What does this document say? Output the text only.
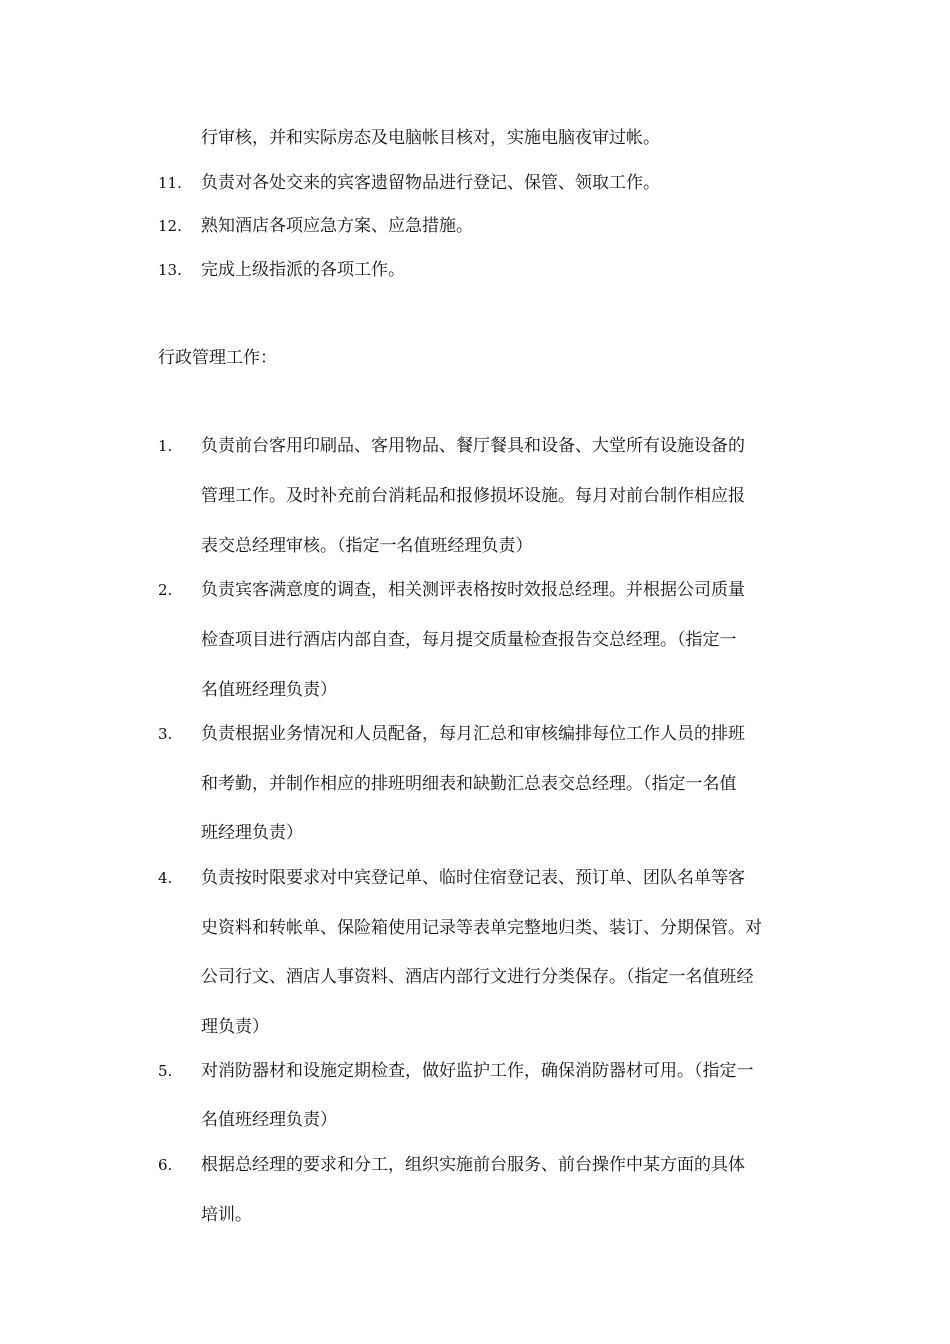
行审核，并和实际房态及电脑帐目核对，实施电脑夜审过帐。
11. 负责对各处交来的宾客遗留物品进行登记、保管、领取工作。
12. 熟知酒店各项应急方案、应急措施。
13. 完成上级指派的各项工作。
行政管理工作：
1. 负责前台客用印刷品、客用物品、餐厅餐具和设备、大堂所有设施设备的
管理工作。及时补充前台消耗品和报修损坏设施。每月对前台制作相应报
表交总经理审核。（指定一名值班经理负责）
2. 负责宾客满意度的调查，相关测评表格按时效报总经理。并根据公司质量
检查项目进行酒店内部自查，每月提交质量检查报告交总经理。（指定一
名值班经理负责）
3. 负责根据业务情况和人员配备，每月汇总和审核编排每位工作人员的排班
和考勤，并制作相应的排班明细表和缺勤汇总表交总经理。（指定一名值
班经理负责）
4. 负责按时限要求对中宾登记单、临时住宿登记表、预订单、团队名单等客
史资料和转帐单、保险箱使用记录等表单完整地归类、装订、分期保管。对
公司行文、酒店人事资料、酒店内部行文进行分类保存。（指定一名值班经
理负责）
5. 对消防器材和设施定期检查，做好监护工作，确保消防器材可用。（指定一
名值班经理负责）
6. 根据总经理的要求和分工，组织实施前台服务、前台操作中某方面的具体
培训。
